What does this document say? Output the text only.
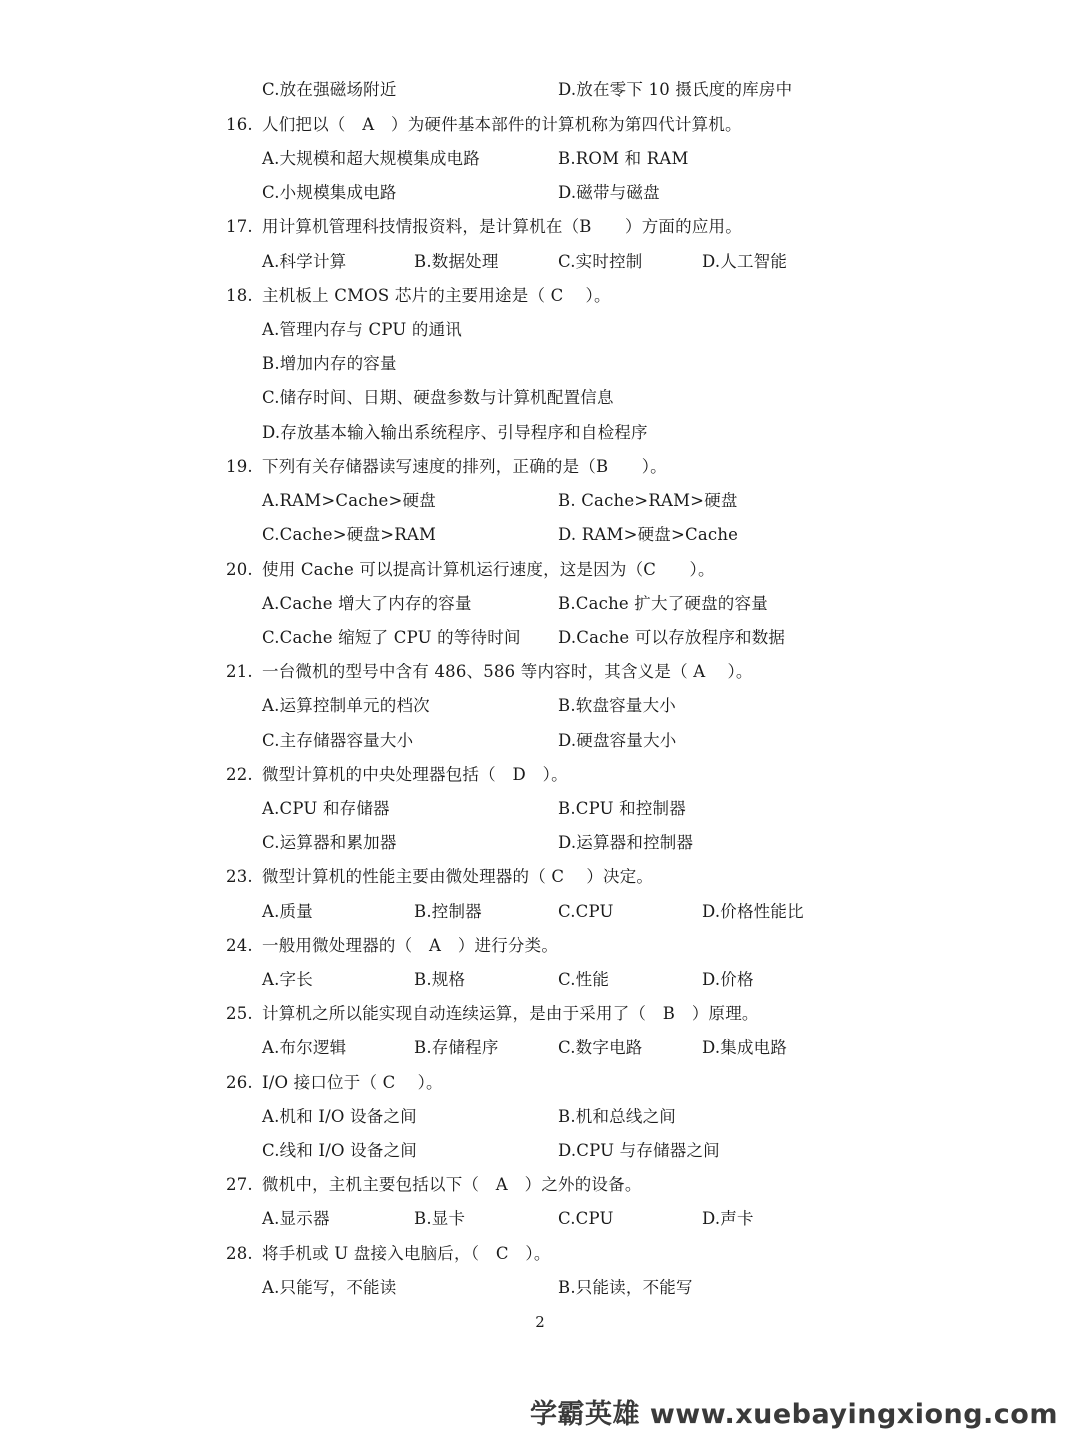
C.放在强磁场附近	D.放在零下 10 摄氏度的库房中
16. 人们把以（　A　）为硬件基本部件的计算机称为第四代计算机。
A.大规模和超大规模集成电路	B.ROM 和 RAM
C.小规模集成电路	D.磁带与磁盘
17. 用计算机管理科技情报资料，是计算机在（B　　）方面的应用。
A.科学计算	B.数据处理	C.实时控制	D.人工智能
18. 主机板上 CMOS 芯片的主要用途是（ C　 ）。
A.管理内存与 CPU 的通讯
B.增加内存的容量
C.储存时间、日期、硬盘参数与计算机配置信息
D.存放基本输入输出系统程序、引导程序和自检程序
19. 下列有关存储器读写速度的排列，正确的是（B　　）。
A.RAM>Cache>硬盘	B. Cache>RAM>硬盘
C.Cache>硬盘>RAM	D. RAM>硬盘>Cache
20. 使用 Cache 可以提高计算机运行速度，这是因为（C　　）。
A.Cache 增大了内存的容量	B.Cache 扩大了硬盘的容量
C.Cache 缩短了 CPU 的等待时间 D.Cache 可以存放程序和数据
21. 一台微机的型号中含有 486、586 等内容时，其含义是（ A　 ）。
A.运算控制单元的档次	B.软盘容量大小
C.主存储器容量大小	D.硬盘容量大小
22. 微型计算机的中央处理器包括（　D　）。
A.CPU 和存储器	B.CPU 和控制器
C.运算器和累加器	D.运算器和控制器
23. 微型计算机的性能主要由微处理器的（ C　 ）决定。
A.质量	B.控制器	C.CPU	D.价格性能比
24. 一般用微处理器的（　A　）进行分类。
A.字长	B.规格	C.性能	D.价格
25. 计算机之所以能实现自动连续运算，是由于采用了（　B　）原理。
A.布尔逻辑	B.存储程序	C.数字电路	D.集成电路
26. I/O 接口位于（ C　 ）。
A.机和 I/O 设备之间	B.机和总线之间
C.线和 I/O 设备之间	D.CPU 与存储器之间
27. 微机中，主机主要包括以下（　A　）之外的设备。
A.显示器	B.显卡	C.CPU	D.声卡
28. 将手机或 U 盘接入电脑后，（　C　）。
A.只能写，不能读	B.只能读，不能写
2
学霸英雄 www.xuebayingxiong.com
